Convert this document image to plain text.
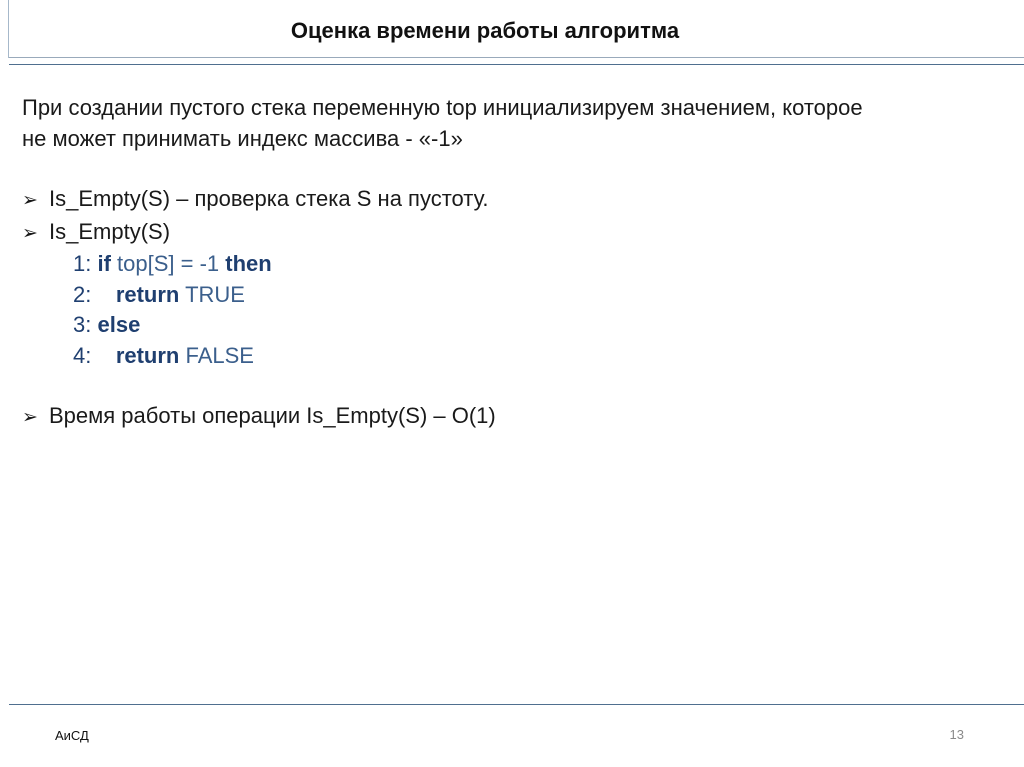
Оценка времени работы алгоритма

При создании пустого стека переменную top инициализируем значением, которое

не может принимать индекс массива - «-1»

➢ Is_Empty(S) – проверка стека S на пустоту.
➢ Is_Empty(S)
1: if top[S] = -1 then
2: return TRUE
3: else
4: return FALSE
➢ Время работы операции Is_Empty(S) – O(1)
АиСД	13
